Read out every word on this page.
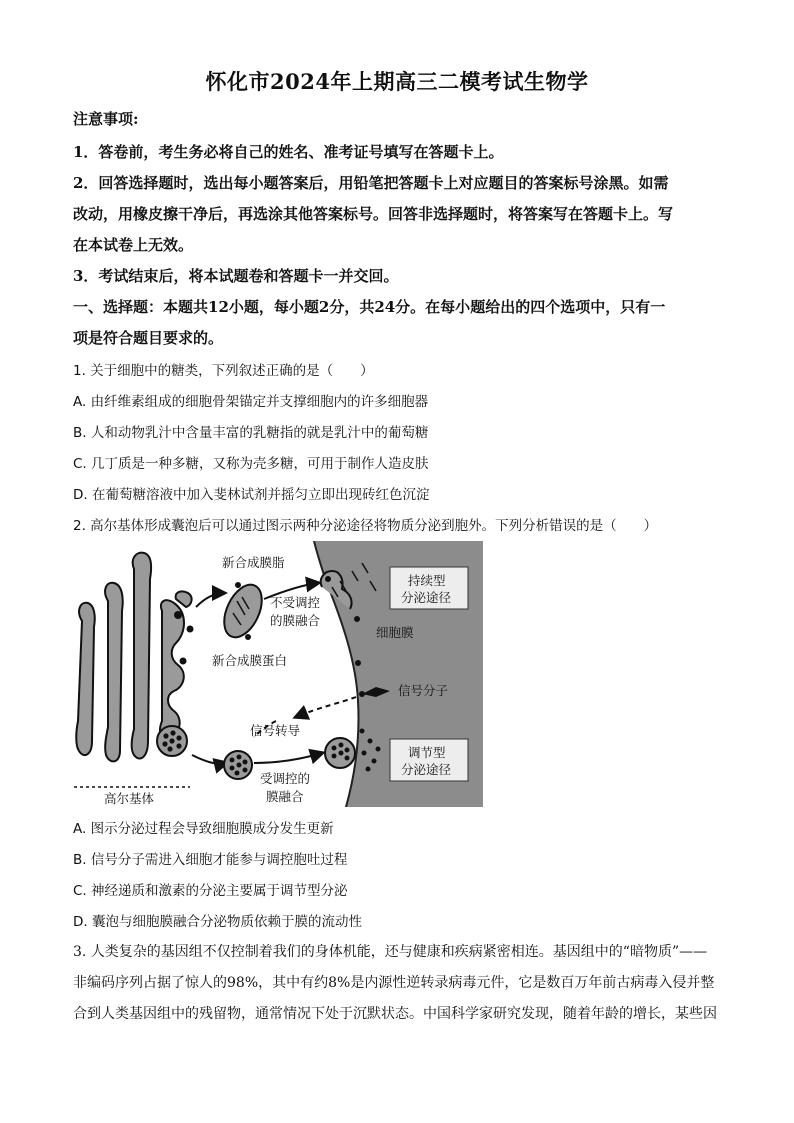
怀化市2024年上期高三二模考试生物学
注意事项:
1．答卷前，考生务必将自己的姓名、准考证号填写在答题卡上。
2．回答选择题时，选出每小题答案后，用铅笔把答题卡上对应题目的答案标号涂黑。如需
改动，用橡皮擦干净后，再选涂其他答案标号。回答非选择题时，将答案写在答题卡上。写
在本试卷上无效。
3．考试结束后，将本试题卷和答题卡一并交回。
一、选择题：本题共12小题，每小题2分，共24分。在每小题给出的四个选项中，只有一
项是符合题目要求的。
1. 关于细胞中的糖类，下列叙述正确的是（　　）
A. 由纤维素组成的细胞骨架锚定并支撑细胞内的许多细胞器
B. 人和动物乳汁中含量丰富的乳糖指的就是乳汁中的葡萄糖
C. 几丁质是一种多糖，又称为壳多糖，可用于制作人造皮肤
D. 在葡萄糖溶液中加入斐林试剂并摇匀立即出现砖红色沉淀
2. 高尔基体形成囊泡后可以通过图示两种分泌途径将物质分泌到胞外。下列分析错误的是（　　）
新合成膜脂
不受调控
的膜融合
新合成膜蛋白
持续型
分泌途径
细胞膜
信号分子
信号转导
受调控的
膜融合
调节型
分泌途径
高尔基体
A. 图示分泌过程会导致细胞膜成分发生更新
B. 信号分子需进入细胞才能参与调控胞吐过程
C. 神经递质和激素的分泌主要属于调节型分泌
D. 囊泡与细胞膜融合分泌物质依赖于膜的流动性
3. 人类复杂的基因组不仅控制着我们的身体机能，还与健康和疾病紧密相连。基因组中的“暗物质”——
非编码序列占据了惊人的98%，其中有约8%是内源性逆转录病毒元件，它是数百万年前古病毒入侵并整
合到人类基因组中的残留物，通常情况下处于沉默状态。中国科学家研究发现，随着年龄的增长，某些因
